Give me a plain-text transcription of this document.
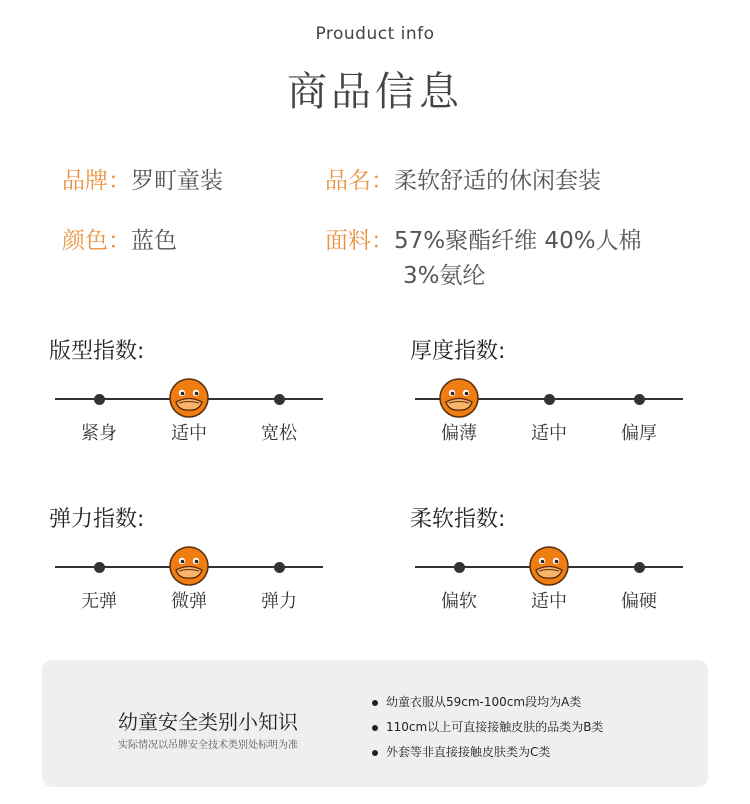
Prouduct info
商品信息
品牌：罗町童装	品名：柔软舒适的休闲套装
颜色：蓝色	面料：57%聚酯纤维 40%人棉
3%氨纶
版型指数:
紧身	适中	宽松
厚度指数:
偏薄	适中	偏厚
弹力指数:
无弹	微弹	弹力
柔软指数:
偏软	适中	偏硬
幼童安全类别小知识
实际情况以吊牌安全技术类别处标明为准
幼童衣服从59cm-100cm段均为A类
110cm以上可直接接触皮肤的品类为B类
外套等非直接接触皮肤类为C类
